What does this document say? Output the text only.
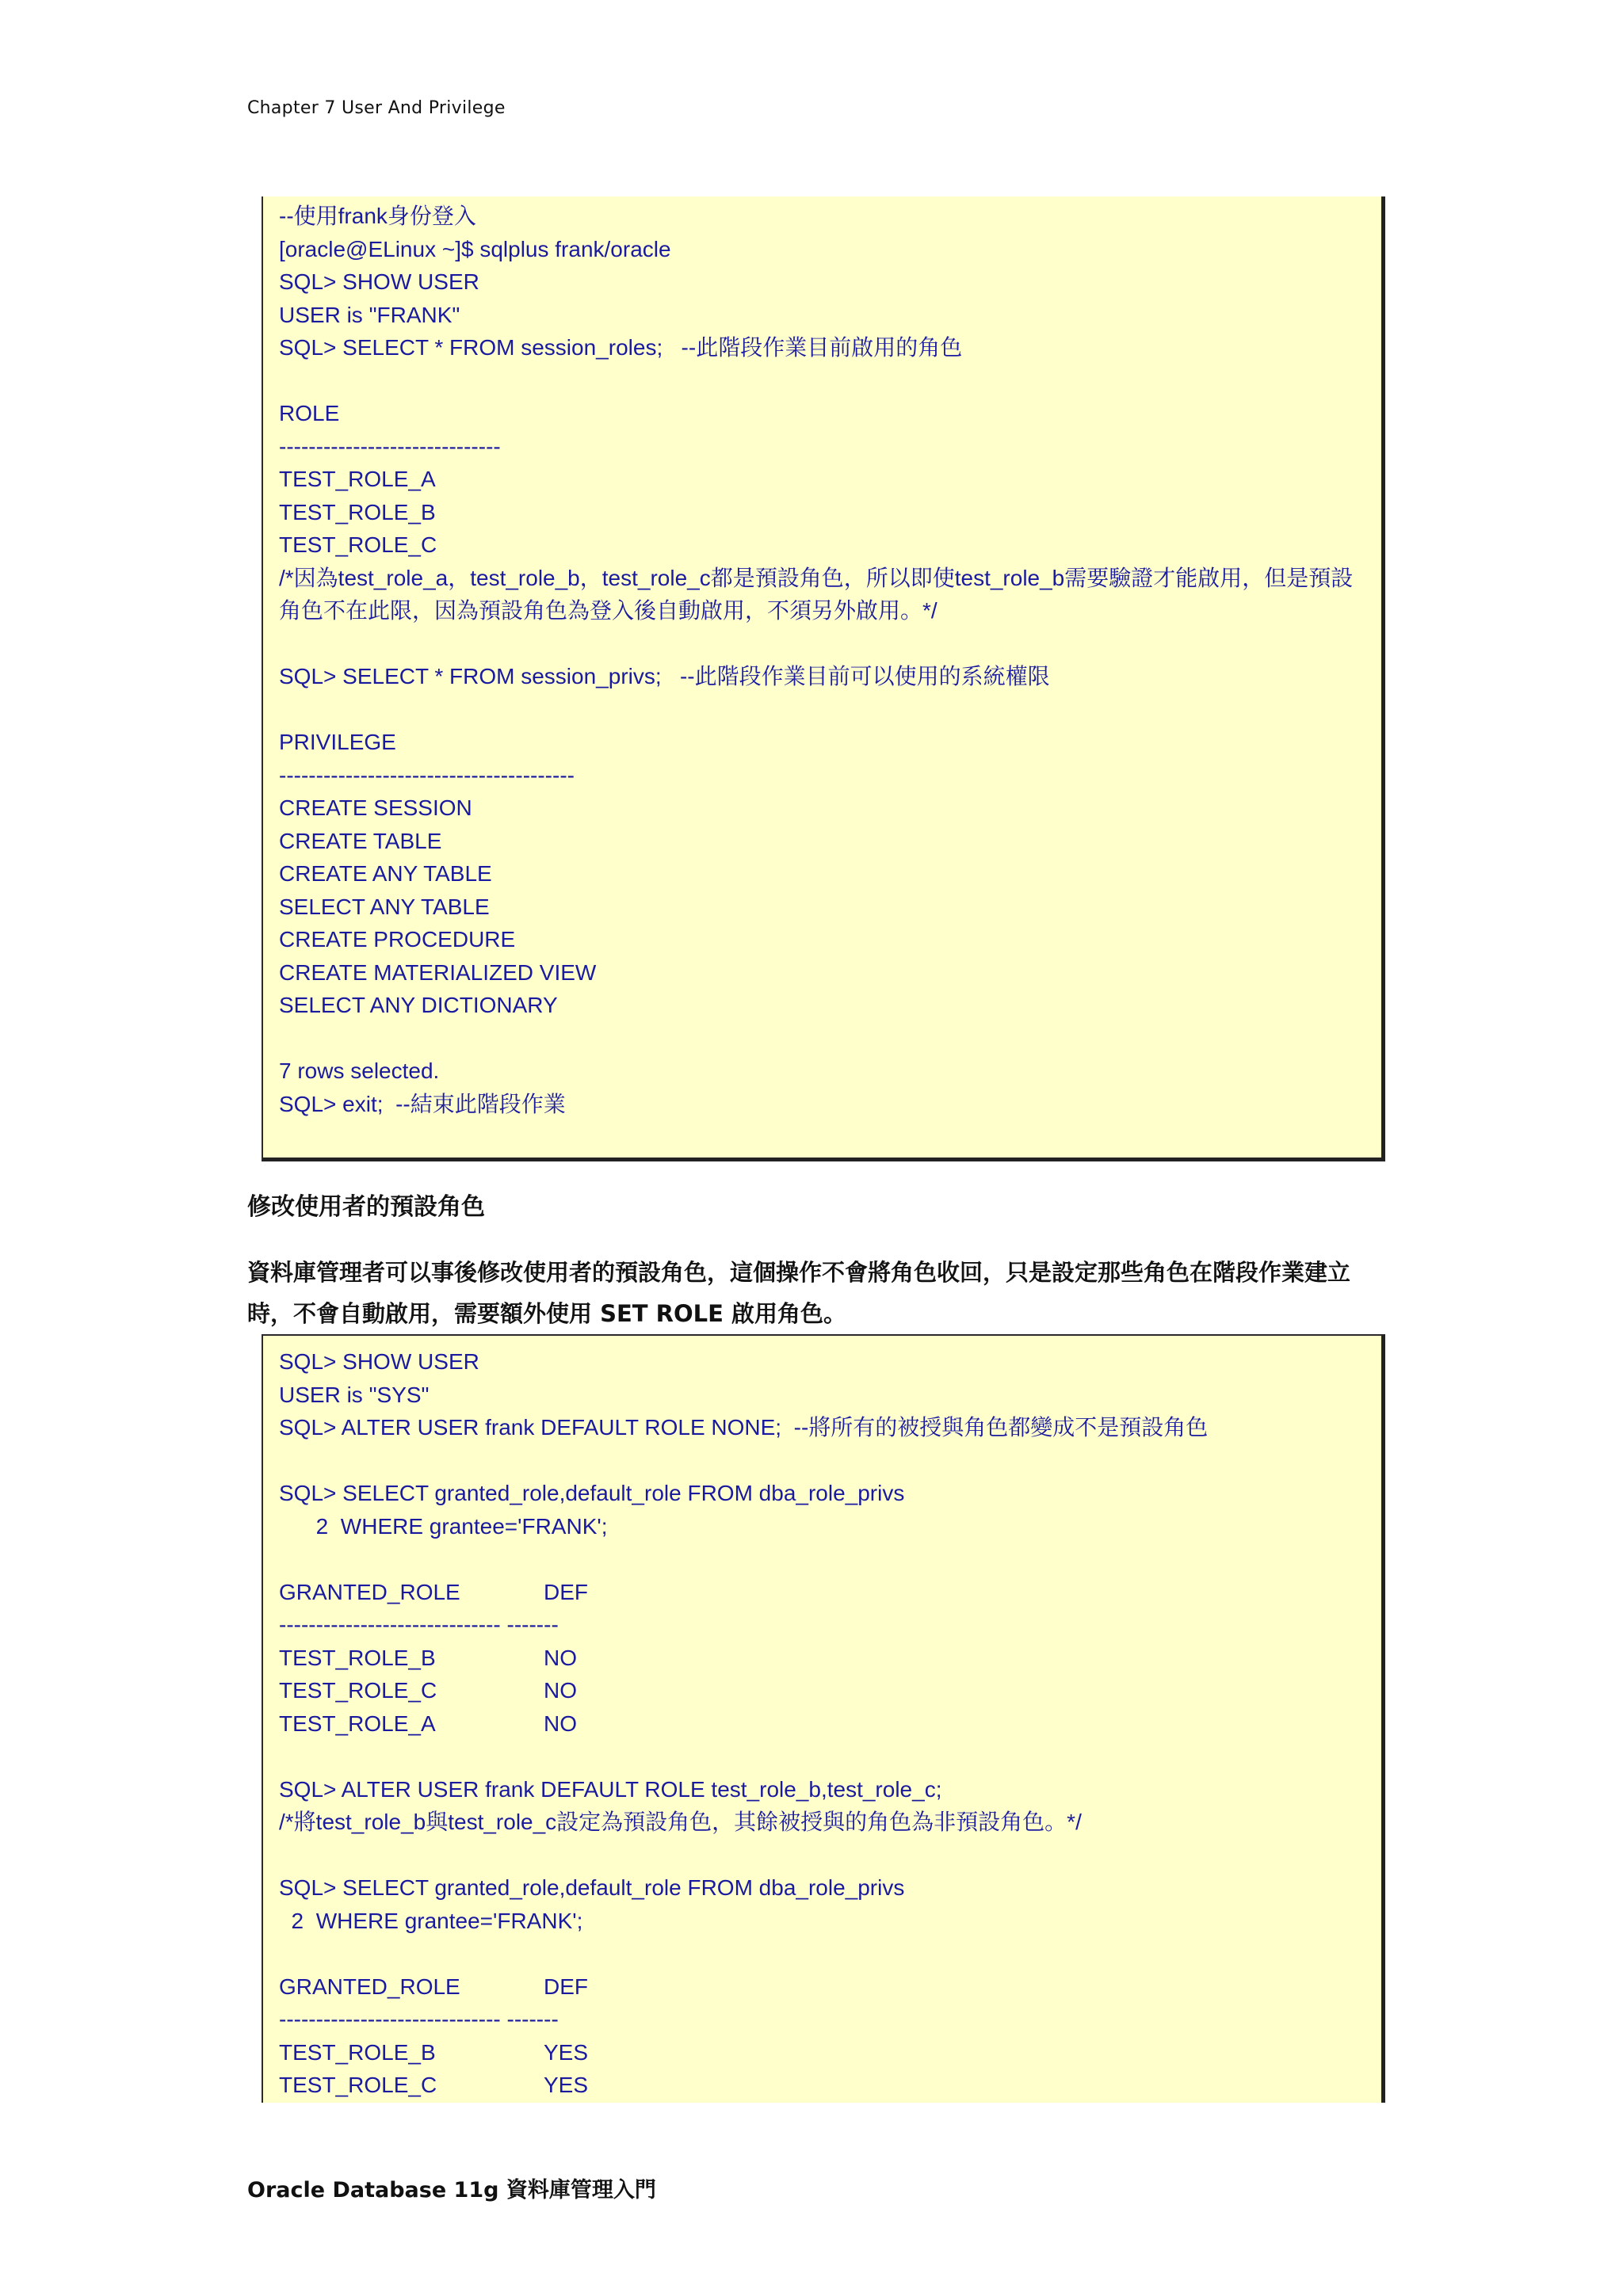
Chapter 7 User And Privilege
--使用frank身份登入
[oracle@ELinux ~]$ sqlplus frank/oracle
SQL> SHOW USER
USER is "FRANK"
SQL> SELECT * FROM session_roles;   --此階段作業目前啟用的角色
ROLE
------------------------------
TEST_ROLE_A
TEST_ROLE_B
TEST_ROLE_C
/*因為test_role_a，test_role_b，test_role_c都是預設角色，所以即使test_role_b需要驗證才能啟用，但是預設角色不在此限，因為預設角色為登入後自動啟用，不須另外啟用。*/
SQL> SELECT * FROM session_privs;   --此階段作業目前可以使用的系統權限
PRIVILEGE
----------------------------------------
CREATE SESSION
CREATE TABLE
CREATE ANY TABLE
SELECT ANY TABLE
CREATE PROCEDURE
CREATE MATERIALIZED VIEW
SELECT ANY DICTIONARY
7 rows selected.
SQL> exit;  --結束此階段作業
修改使用者的預設角色
資料庫管理者可以事後修改使用者的預設角色，這個操作不會將角色收回，只是設定那些角色在階段作業建立時，不會自動啟用，需要額外使用 SET ROLE 啟用角色。
SQL> SHOW USER
USER is "SYS"
SQL> ALTER USER frank DEFAULT ROLE NONE;  --將所有的被授與角色都變成不是預設角色
SQL> SELECT granted_role,default_role FROM dba_role_privs
2  WHERE grantee='FRANK';
GRANTED_ROLE	DEF
------------------------------ -------
TEST_ROLE_B	NO
TEST_ROLE_C	NO
TEST_ROLE_A	NO
SQL> ALTER USER frank DEFAULT ROLE test_role_b,test_role_c;
/*將test_role_b與test_role_c設定為預設角色，其餘被授與的角色為非預設角色。*/
SQL> SELECT granted_role,default_role FROM dba_role_privs
2  WHERE grantee='FRANK';
GRANTED_ROLE	DEF
------------------------------ -------
TEST_ROLE_B	YES
TEST_ROLE_C	YES
Oracle Database 11g 資料庫管理入門
